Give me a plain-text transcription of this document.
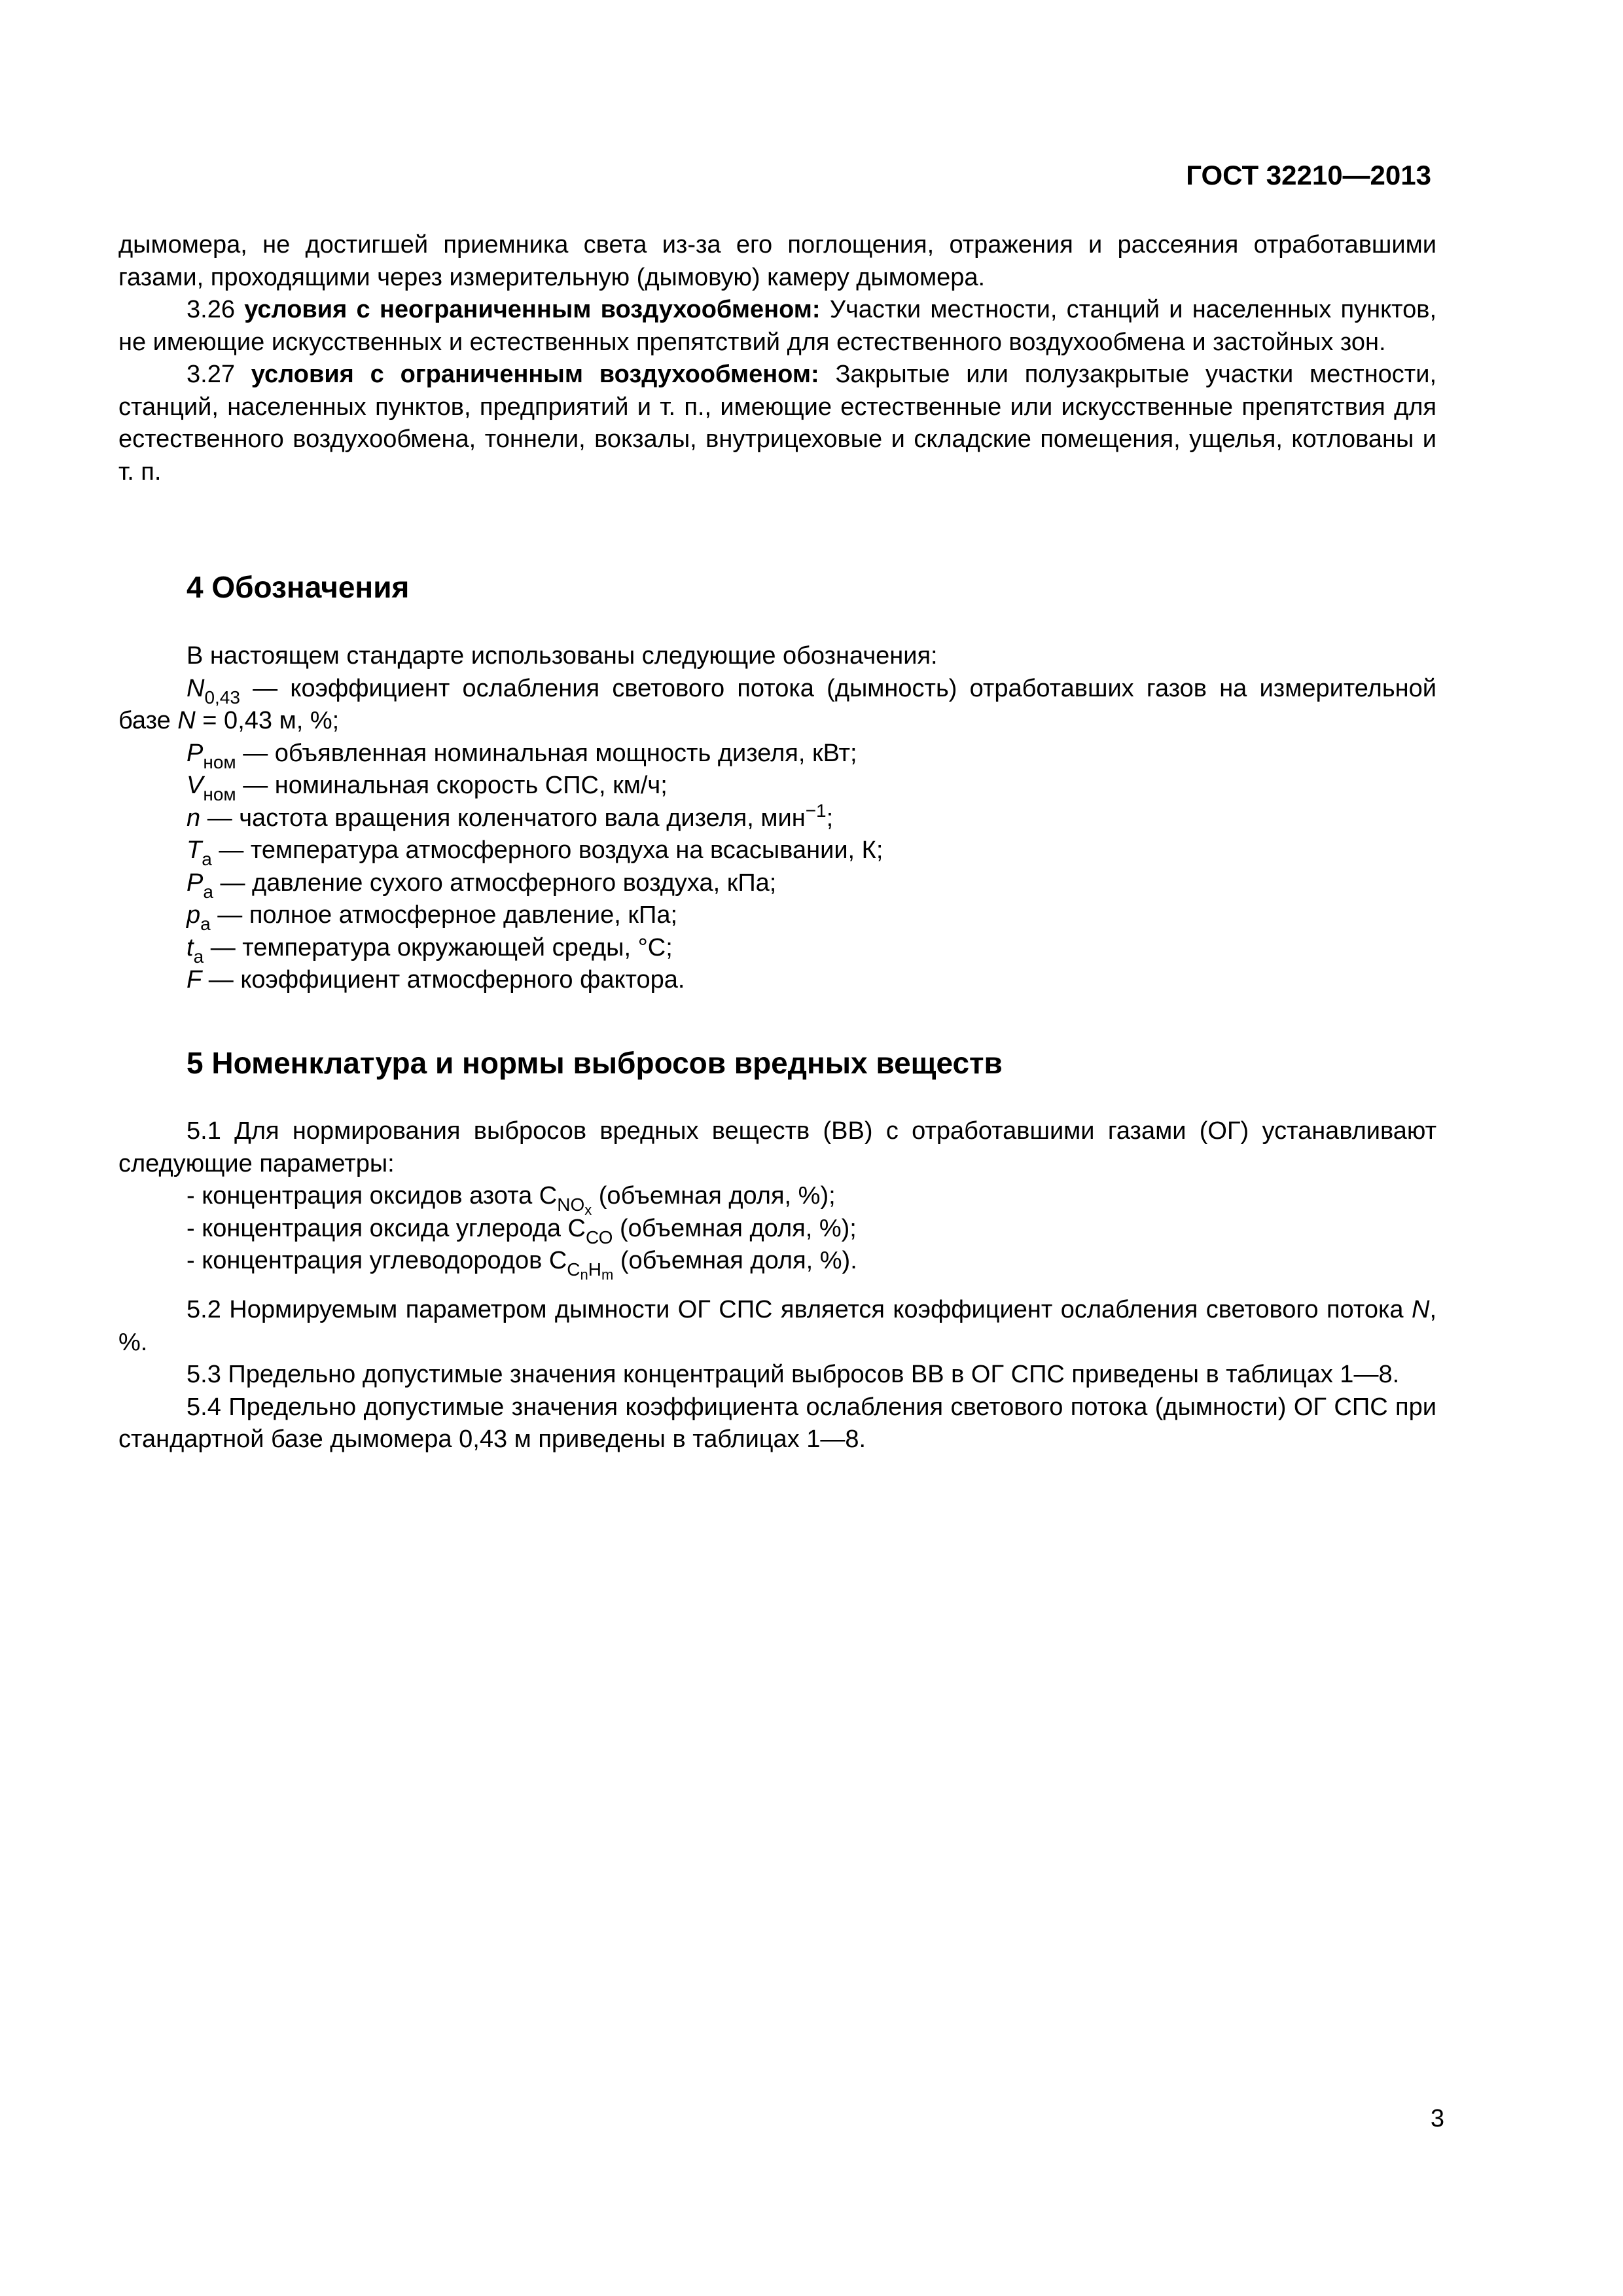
ГОСТ 32210—2013

дымомера, не достигшей приемника света из-за его поглощения, отражения и рассеяния отработавшими газами, проходящими через измерительную (дымовую) камеру дымомера.

3.26 условия с неограниченным воздухообменом: Участки местности, станций и населенных пунктов, не имеющие искусственных и естественных препятствий для естественного воздухообмена и застойных зон.

3.27 условия с ограниченным воздухообменом: Закрытые или полузакрытые участки местности, станций, населенных пунктов, предприятий и т. п., имеющие естественные или искусственные препятствия для естественного воздухообмена, тоннели, вокзалы, внутрицеховые и складские помещения, ущелья, котлованы и т. п.

4 Обозначения

В настоящем стандарте использованы следующие обозначения:

$N_{0,43}$ — коэффициент ослабления светового потока (дымность) отработавших газов на измерительной базе N = 0,43 м, %;

$P_{ном}$ — объявленная номинальная мощность дизеля, кВт;

$V_{ном}$ — номинальная скорость СПС, км/ч;

n — частота вращения коленчатого вала дизеля, мин$^{-1}$;

$T_a$ — температура атмосферного воздуха на всасывании, К;

$P_a$ — давление сухого атмосферного воздуха, кПа;

$p_a$ — полное атмосферное давление, кПа;

$t_a$ — температура окружающей среды, °С;

F — коэффициент атмосферного фактора.

5 Номенклатура и нормы выбросов вредных веществ

5.1 Для нормирования выбросов вредных веществ (ВВ) с отработавшими газами (ОГ) устанавливают следующие параметры:

- концентрация оксидов азота $С_{NO_x}$ (объемная доля, %);
- концентрация оксида углерода $С_{СО}$ (объемная доля, %);
- концентрация углеводородов $С_{C_nH_m}$ (объемная доля, %).

5.2 Нормируемым параметром дымности ОГ СПС является коэффициент ослабления светового потока N, %.

5.3 Предельно допустимые значения концентраций выбросов ВВ в ОГ СПС приведены в таблицах 1—8.

5.4 Предельно допустимые значения коэффициента ослабления светового потока (дымности) ОГ СПС при стандартной базе дымомера 0,43 м приведены в таблицах 1—8.

3
